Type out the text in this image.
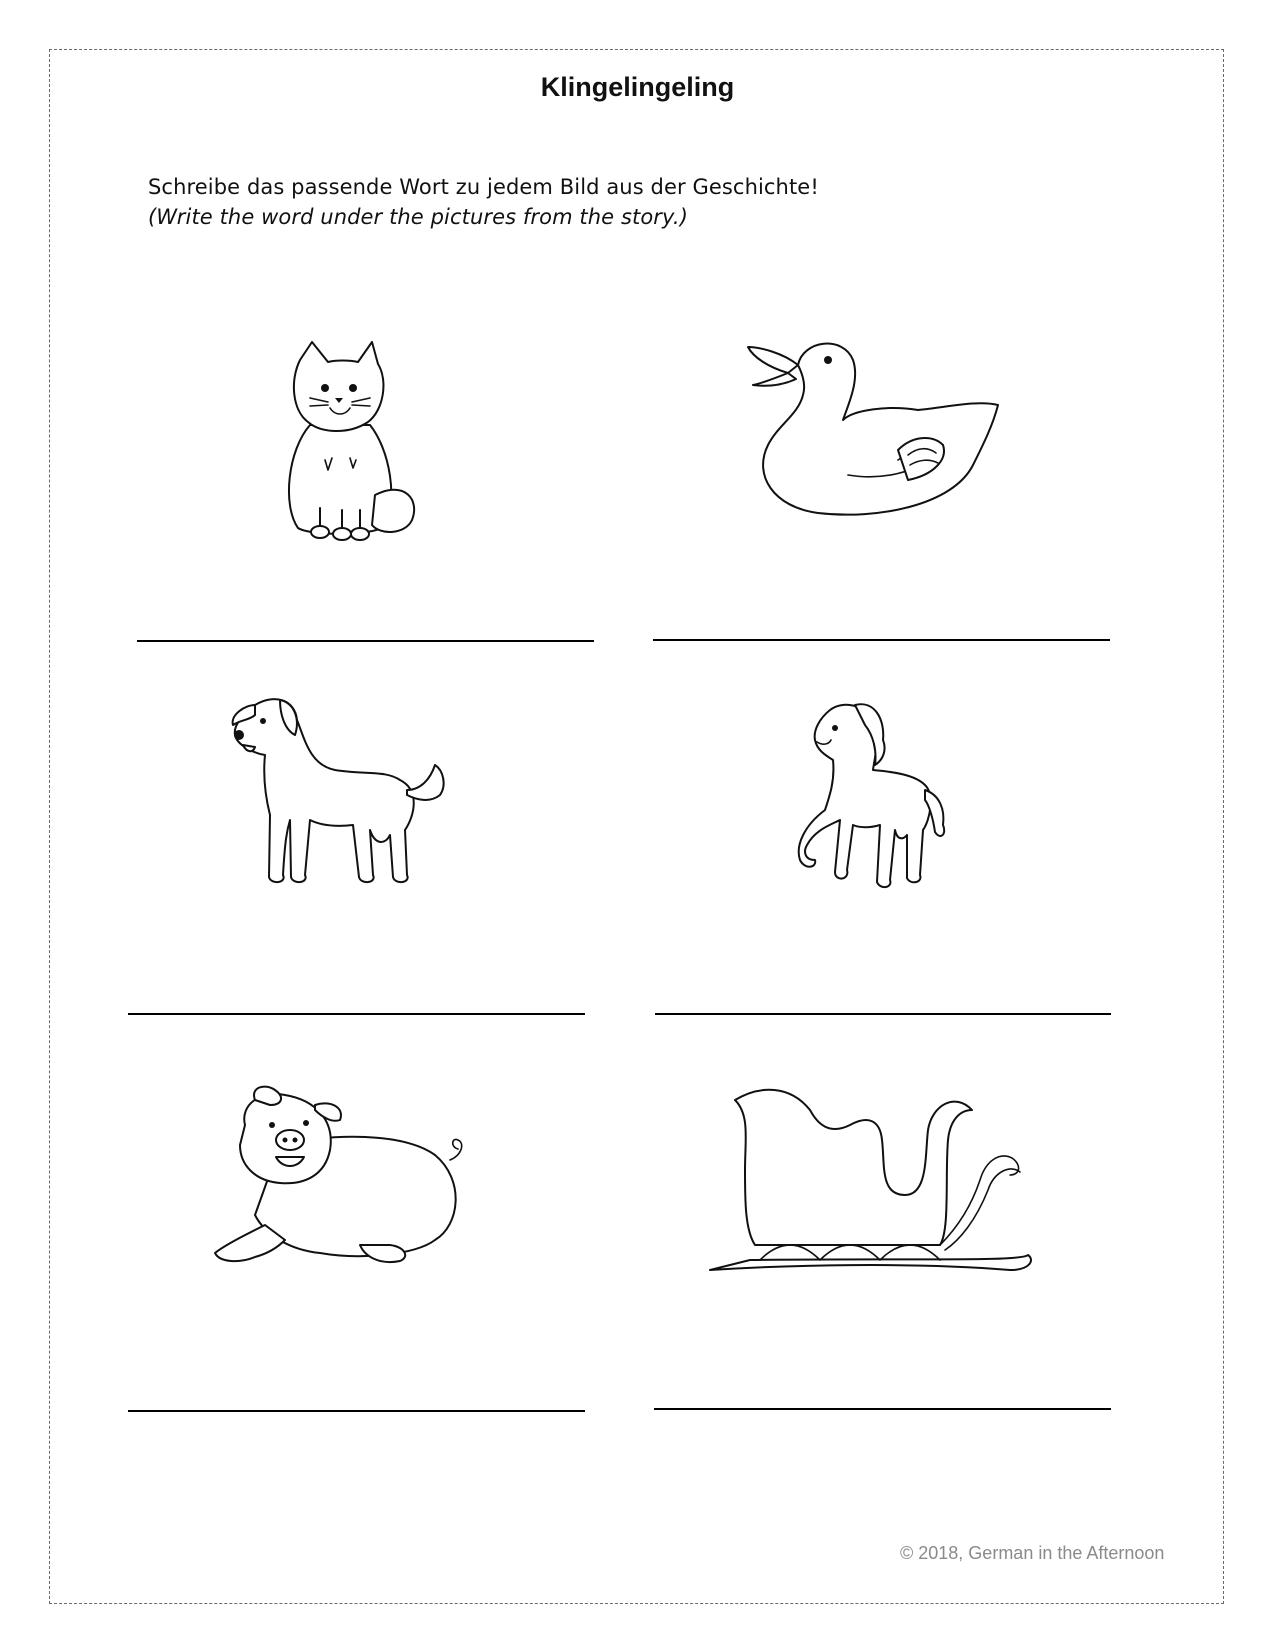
Klingelingeling
Schreibe das passende Wort zu jedem Bild aus der Geschichte!
(Write the word under the pictures from the story.)
© 2018, German in the Afternoon
